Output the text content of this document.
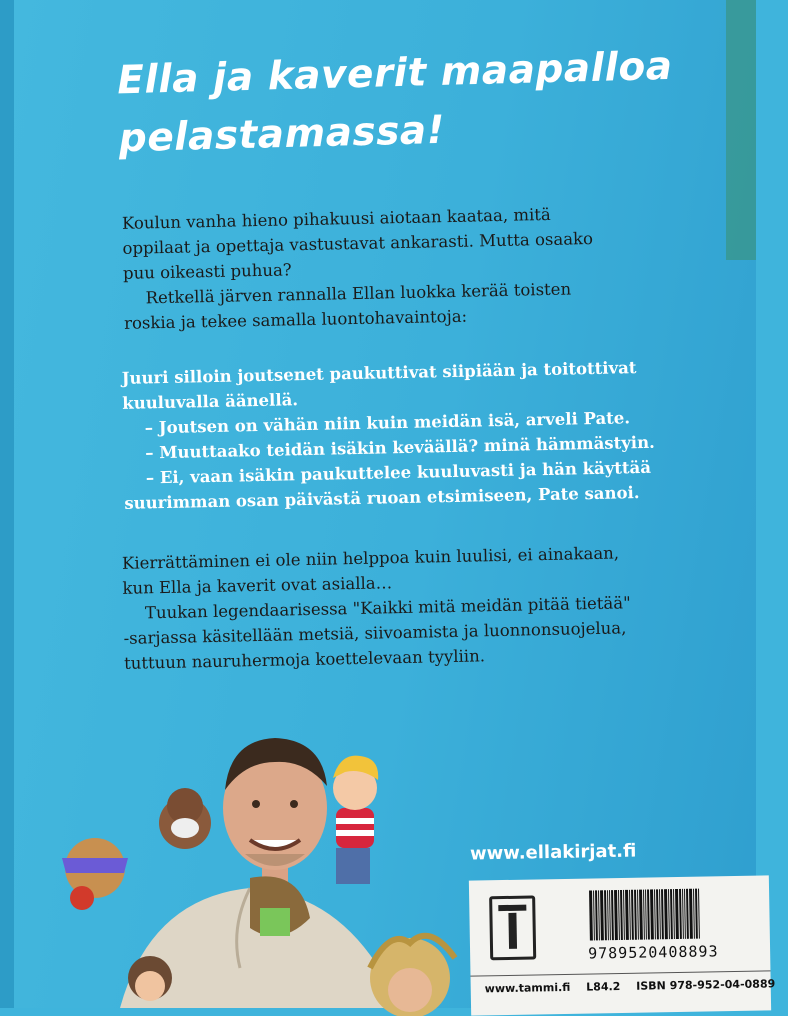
Ella ja kaverit maapalloa
pelastamassa!

Koulun vanha hieno pihakuusi aiotaan kaataa, mitä

oppilaat ja opettaja vastustavat ankarasti. Mutta osaako

puu oikeasti puhua?

Retkellä järven rannalla Ellan luokka kerää toisten

roskia ja tekee samalla luontohavaintoja:

Juuri silloin joutsenet paukuttivat siipiään ja toitottivat

kuuluvalla äänellä.

– Joutsen on vähän niin kuin meidän isä, arveli Pate.

– Muuttaako teidän isäkin keväällä? minä hämmästyin.

– Ei, vaan isäkin paukuttelee kuuluvasti ja hän käyttää

suurimman osan päivästä ruoan etsimiseen, Pate sanoi.

Kierrättäminen ei ole niin helppoa kuin luulisi, ei ainakaan,

kun Ella ja kaverit ovat asialla…

Tuukan legendaarisessa "Kaikki mitä meidän pitää tietää"

-sarjassa käsitellään metsiä, siivoamista ja luonnonsuojelua,

tuttuun nauruhermoja koettelevaan tyyliin.

www.ellakirjat.fi
9789520408893
www.tammi.fi L84.2 ISBN 978-952-04-0889
